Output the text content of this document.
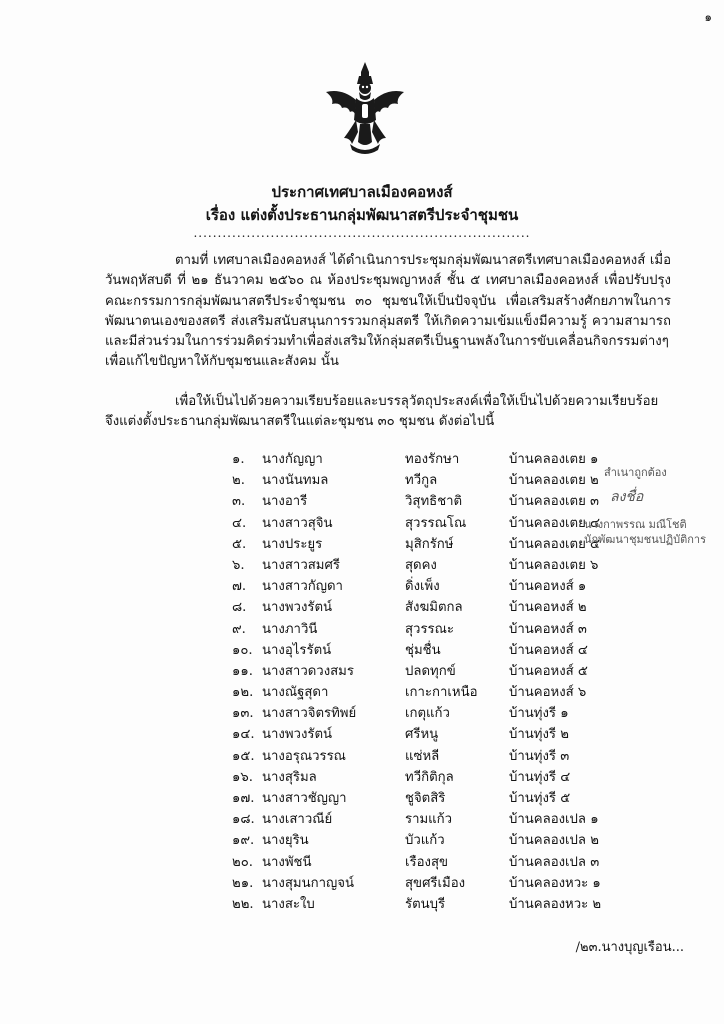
๑
ประกาศเทศบาลเมืองคอหงส์
เรื่อง แต่งตั้งประธานกลุ่มพัฒนาสตรีประจำชุมชน
......................................................................
ตามที่ เทศบาลเมืองคอหงส์ ได้ดำเนินการประชุมกลุ่มพัฒนาสตรีเทศบาลเมืองคอหงส์ เมื่อวันพฤหัสบดี ที่ ๒๑ ธันวาคม ๒๕๖๐ ณ ห้องประชุมพญาหงส์ ชั้น ๕ เทศบาลเมืองคอหงส์ เพื่อปรับปรุงคณะกรรมการกลุ่มพัฒนาสตรีประจำชุมชน ๓๐ ชุมชนให้เป็นปัจจุบัน เพื่อเสริมสร้างศักยภาพในการพัฒนาตนเองของสตรี ส่งเสริมสนับสนุนการรวมกลุ่มสตรี ให้เกิดความเข้มแข็งมีความรู้ ความสามารถและมีส่วนร่วมในการร่วมคิดร่วมทำเพื่อส่งเสริมให้กลุ่มสตรีเป็นฐานพลังในการขับเคลื่อนกิจกรรมต่างๆเพื่อแก้ไขปัญหาให้กับชุมชนและสังคม นั้น
เพื่อให้เป็นไปด้วยความเรียบร้อยและบรรลุวัตถุประสงค์เพื่อให้เป็นไปด้วยความเรียบร้อย จึงแต่งตั้งประธานกลุ่มพัฒนาสตรีในแต่ละชุมชน ๓๐ ชุมชน ดังต่อไปนี้
๑.	นางกัญญา	ทองรักษา	บ้านคลองเตย ๑
๒.	นางนันทมล	ทวีกูล	บ้านคลองเตย ๒
๓.	นางอารี	วิสุทธิชาติ	บ้านคลองเตย ๓
๔.	นางสาวสุจิน	สุวรรณโณ	บ้านคลองเตย ๔
๕.	นางประยูร	มุสิกรักษ์	บ้านคลองเตย ๕
๖.	นางสาวสมศรี	สุดคง	บ้านคลองเตย ๖
๗.	นางสาวกัญดา	ดิ่งเพ็ง	บ้านคอหงส์ ๑
๘.	นางพวงรัตน์	สังฆมิตกล	บ้านคอหงส์ ๒
๙.	นางภาวินี	สุวรรณะ	บ้านคอหงส์ ๓
๑๐. นางอุไรรัตน์	ชุ่มชื่น	บ้านคอหงส์ ๔
๑๑. นางสาวดวงสมร	ปลดทุกข์	บ้านคอหงส์ ๕
๑๒. นางณัฐสุดา	เกาะกาเหนือ บ้านคอหงส์ ๖
๑๓. นางสาวจิตรทิพย์	เกตุแก้ว	บ้านทุ่งรี ๑
๑๔. นางพวงรัตน์	ศรีหนู	บ้านทุ่งรี ๒
๑๕. นางอรุณวรรณ	แซ่หลี	บ้านทุ่งรี ๓
๑๖. นางสุริมล	ทวีกิติกุล	บ้านทุ่งรี ๔
๑๗. นางสาวชัญญา	ชูจิตสิริ	บ้านทุ่งรี ๕
๑๘. นางเสาวณีย์	รามแก้ว	บ้านคลองเปล ๑
๑๙. นางยุริน	บัวแก้ว	บ้านคลองเปล ๒
๒๐. นางพัชนี	เรืองสุข	บ้านคลองเปล ๓
๒๑. นางสุมนกาญจน์	สุขศรีเมือง	บ้านคลองหวะ ๑
๒๒. นางสะใบ	รัตนบุรี	บ้านคลองหวะ ๒
สำเนาถูกต้อง
ลงชื่อ
นางกาพรรณ มณีโชติ
นักพัฒนาชุมชนปฏิบัติการ
/๒๓.นางบุญเรือน...
